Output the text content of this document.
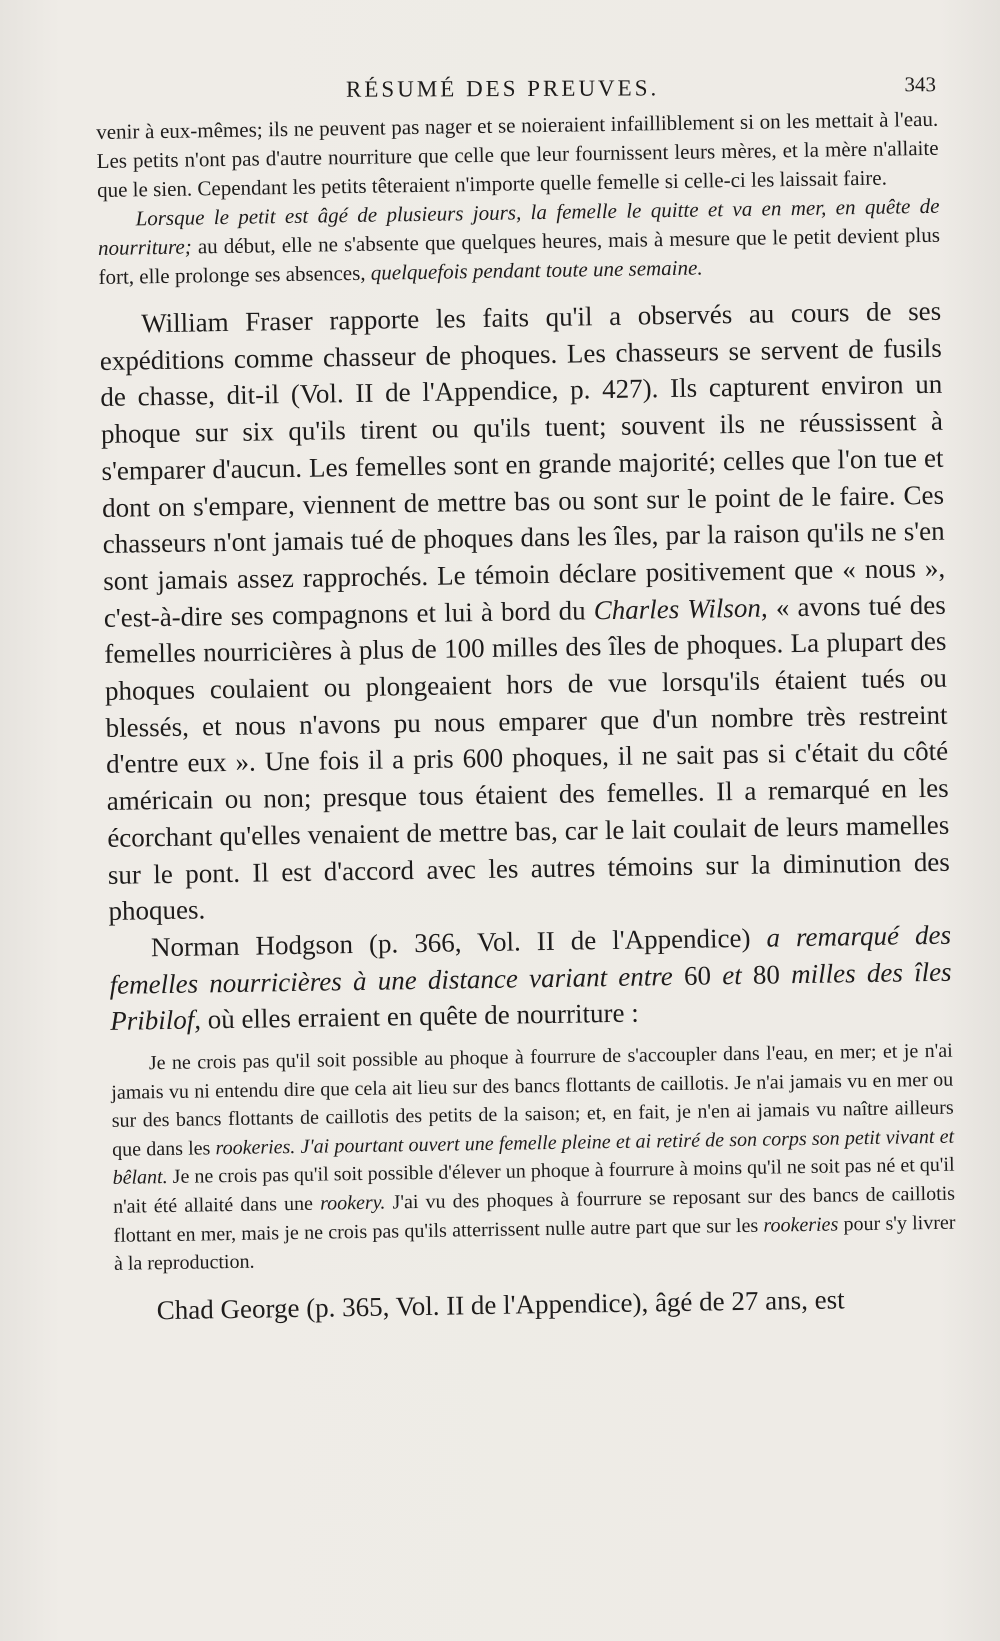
RÉSUMÉ DES PREUVES.	343

venir à eux-mêmes; ils ne peuvent pas nager et se noieraient infailliblement si on les mettait à l'eau. Les petits n'ont pas d'autre nourriture que celle que leur fournissent leurs mères, et la mère n'allaite que le sien. Cependant les petits têteraient n'importe quelle femelle si celle-ci les laissait faire.

Lorsque le petit est âgé de plusieurs jours, la femelle le quitte et va en mer, en quête de nourriture; au début, elle ne s'absente que quelques heures, mais à mesure que le petit devient plus fort, elle prolonge ses absences, quelquefois pendant toute une semaine.

William Fraser rapporte les faits qu'il a observés au cours de ses expéditions comme chasseur de phoques. Les chasseurs se servent de fusils de chasse, dit-il (Vol. II de l'Appendice, p. 427). Ils capturent environ un phoque sur six qu'ils tirent ou qu'ils tuent; souvent ils ne réussissent à s'emparer d'aucun. Les femelles sont en grande majorité; celles que l'on tue et dont on s'empare, viennent de mettre bas ou sont sur le point de le faire. Ces chasseurs n'ont jamais tué de phoques dans les îles, par la raison qu'ils ne s'en sont jamais assez rapprochés. Le témoin déclare positivement que « nous », c'est-à-dire ses compagnons et lui à bord du Charles Wilson, « avons tué des femelles nourricières à plus de 100 milles des îles de phoques. La plupart des phoques coulaient ou plongeaient hors de vue lorsqu'ils étaient tués ou blessés, et nous n'avons pu nous emparer que d'un nombre très restreint d'entre eux ». Une fois il a pris 600 phoques, il ne sait pas si c'était du côté américain ou non; presque tous étaient des femelles. Il a remarqué en les écorchant qu'elles venaient de mettre bas, car le lait coulait de leurs mamelles sur le pont. Il est d'accord avec les autres témoins sur la diminution des phoques.

Norman Hodgson (p. 366, Vol. II de l'Appendice) a remarqué des femelles nourricières à une distance variant entre 60 et 80 milles des îles Pribilof, où elles erraient en quête de nourriture :

Je ne crois pas qu'il soit possible au phoque à fourrure de s'accoupler dans l'eau, en mer; et je n'ai jamais vu ni entendu dire que cela ait lieu sur des bancs flottants de caillotis. Je n'ai jamais vu en mer ou sur des bancs flottants de caillotis des petits de la saison; et, en fait, je n'en ai jamais vu naître ailleurs que dans les rookeries. J'ai pourtant ouvert une femelle pleine et ai retiré de son corps son petit vivant et bêlant. Je ne crois pas qu'il soit possible d'élever un phoque à fourrure à moins qu'il ne soit pas né et qu'il n'ait été allaité dans une rookery. J'ai vu des phoques à fourrure se reposant sur des bancs de caillotis flottant en mer, mais je ne crois pas qu'ils atterrissent nulle autre part que sur les rookeries pour s'y livrer à la reproduction.

Chad George (p. 365, Vol. II de l'Appendice), âgé de 27 ans, est
